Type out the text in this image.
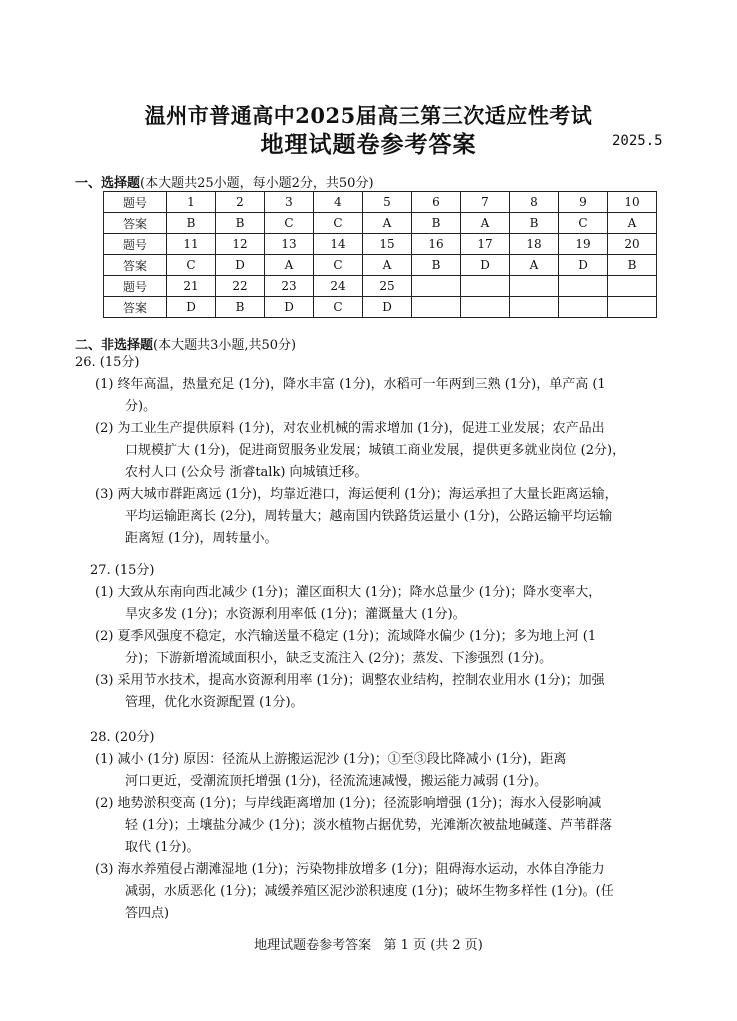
温州市普通高中2025届高三第三次适应性考试
地理试题卷参考答案	2025.5
一、选择题(本大题共25小题，每小题2分，共50分)
题号	1	2	3	4	5	6	7	8	9	10
答案	B	B	C	C	A	B	A	B	C	A
题号	11	12	13	14	15	16	17	18	19	20
答案	C	D	A	C	A	B	D	A	D	B
题号	21	22	23	24	25					
答案	D	B	D	C	D					
二、非选择题(本大题共3小题,共50分)
26. (15分)
(1) 终年高温，热量充足 (1分)，降水丰富 (1分)，水稻可一年两到三熟 (1分)，单产高 (1
分)。
(2) 为工业生产提供原料 (1分)，对农业机械的需求增加 (1分)，促进工业发展；农产品出
口规模扩大 (1分)，促进商贸服务业发展；城镇工商业发展，提供更多就业岗位 (2分)，
农村人口 (公众号 浙睿talk) 向城镇迁移。
(3) 两大城市群距离远 (1分)，均靠近港口，海运便利 (1分)；海运承担了大量长距离运输，
平均运输距离长 (2分)，周转量大；越南国内铁路货运量小 (1分)，公路运输平均运输
距离短 (1分)，周转量小。
27. (15分)
(1) 大致从东南向西北减少 (1分)；灌区面积大 (1分)；降水总量少 (1分)；降水变率大，
旱灾多发 (1分)；水资源利用率低 (1分)；灌溉量大 (1分)。
(2) 夏季风强度不稳定，水汽输送量不稳定 (1分)；流域降水偏少 (1分)；多为地上河 (1
分)；下游新增流域面积小，缺乏支流注入 (2分)；蒸发、下渗强烈 (1分)。
(3) 采用节水技术，提高水资源利用率 (1分)；调整农业结构，控制农业用水 (1分)；加强
管理，优化水资源配置 (1分)。
28. (20分)
(1) 减小 (1分) 原因：径流从上游搬运泥沙 (1分)；①至③段比降减小 (1分)，距离
河口更近，受潮流顶托增强 (1分)，径流流速减慢，搬运能力减弱 (1分)。
(2) 地势淤积变高 (1分)；与岸线距离增加 (1分)；径流影响增强 (1分)；海水入侵影响减
轻 (1分)；土壤盐分减少 (1分)；淡水植物占据优势，光滩渐次被盐地碱蓬、芦苇群落
取代 (1分)。
(3) 海水养殖侵占潮滩湿地 (1分)；污染物排放增多 (1分)；阻碍海水运动，水体自净能力
减弱，水质恶化 (1分)；减缓养殖区泥沙淤积速度 (1分)；破坏生物多样性 (1分)。(任
答四点)
地理试题卷参考答案   第 1 页 (共 2 页)
